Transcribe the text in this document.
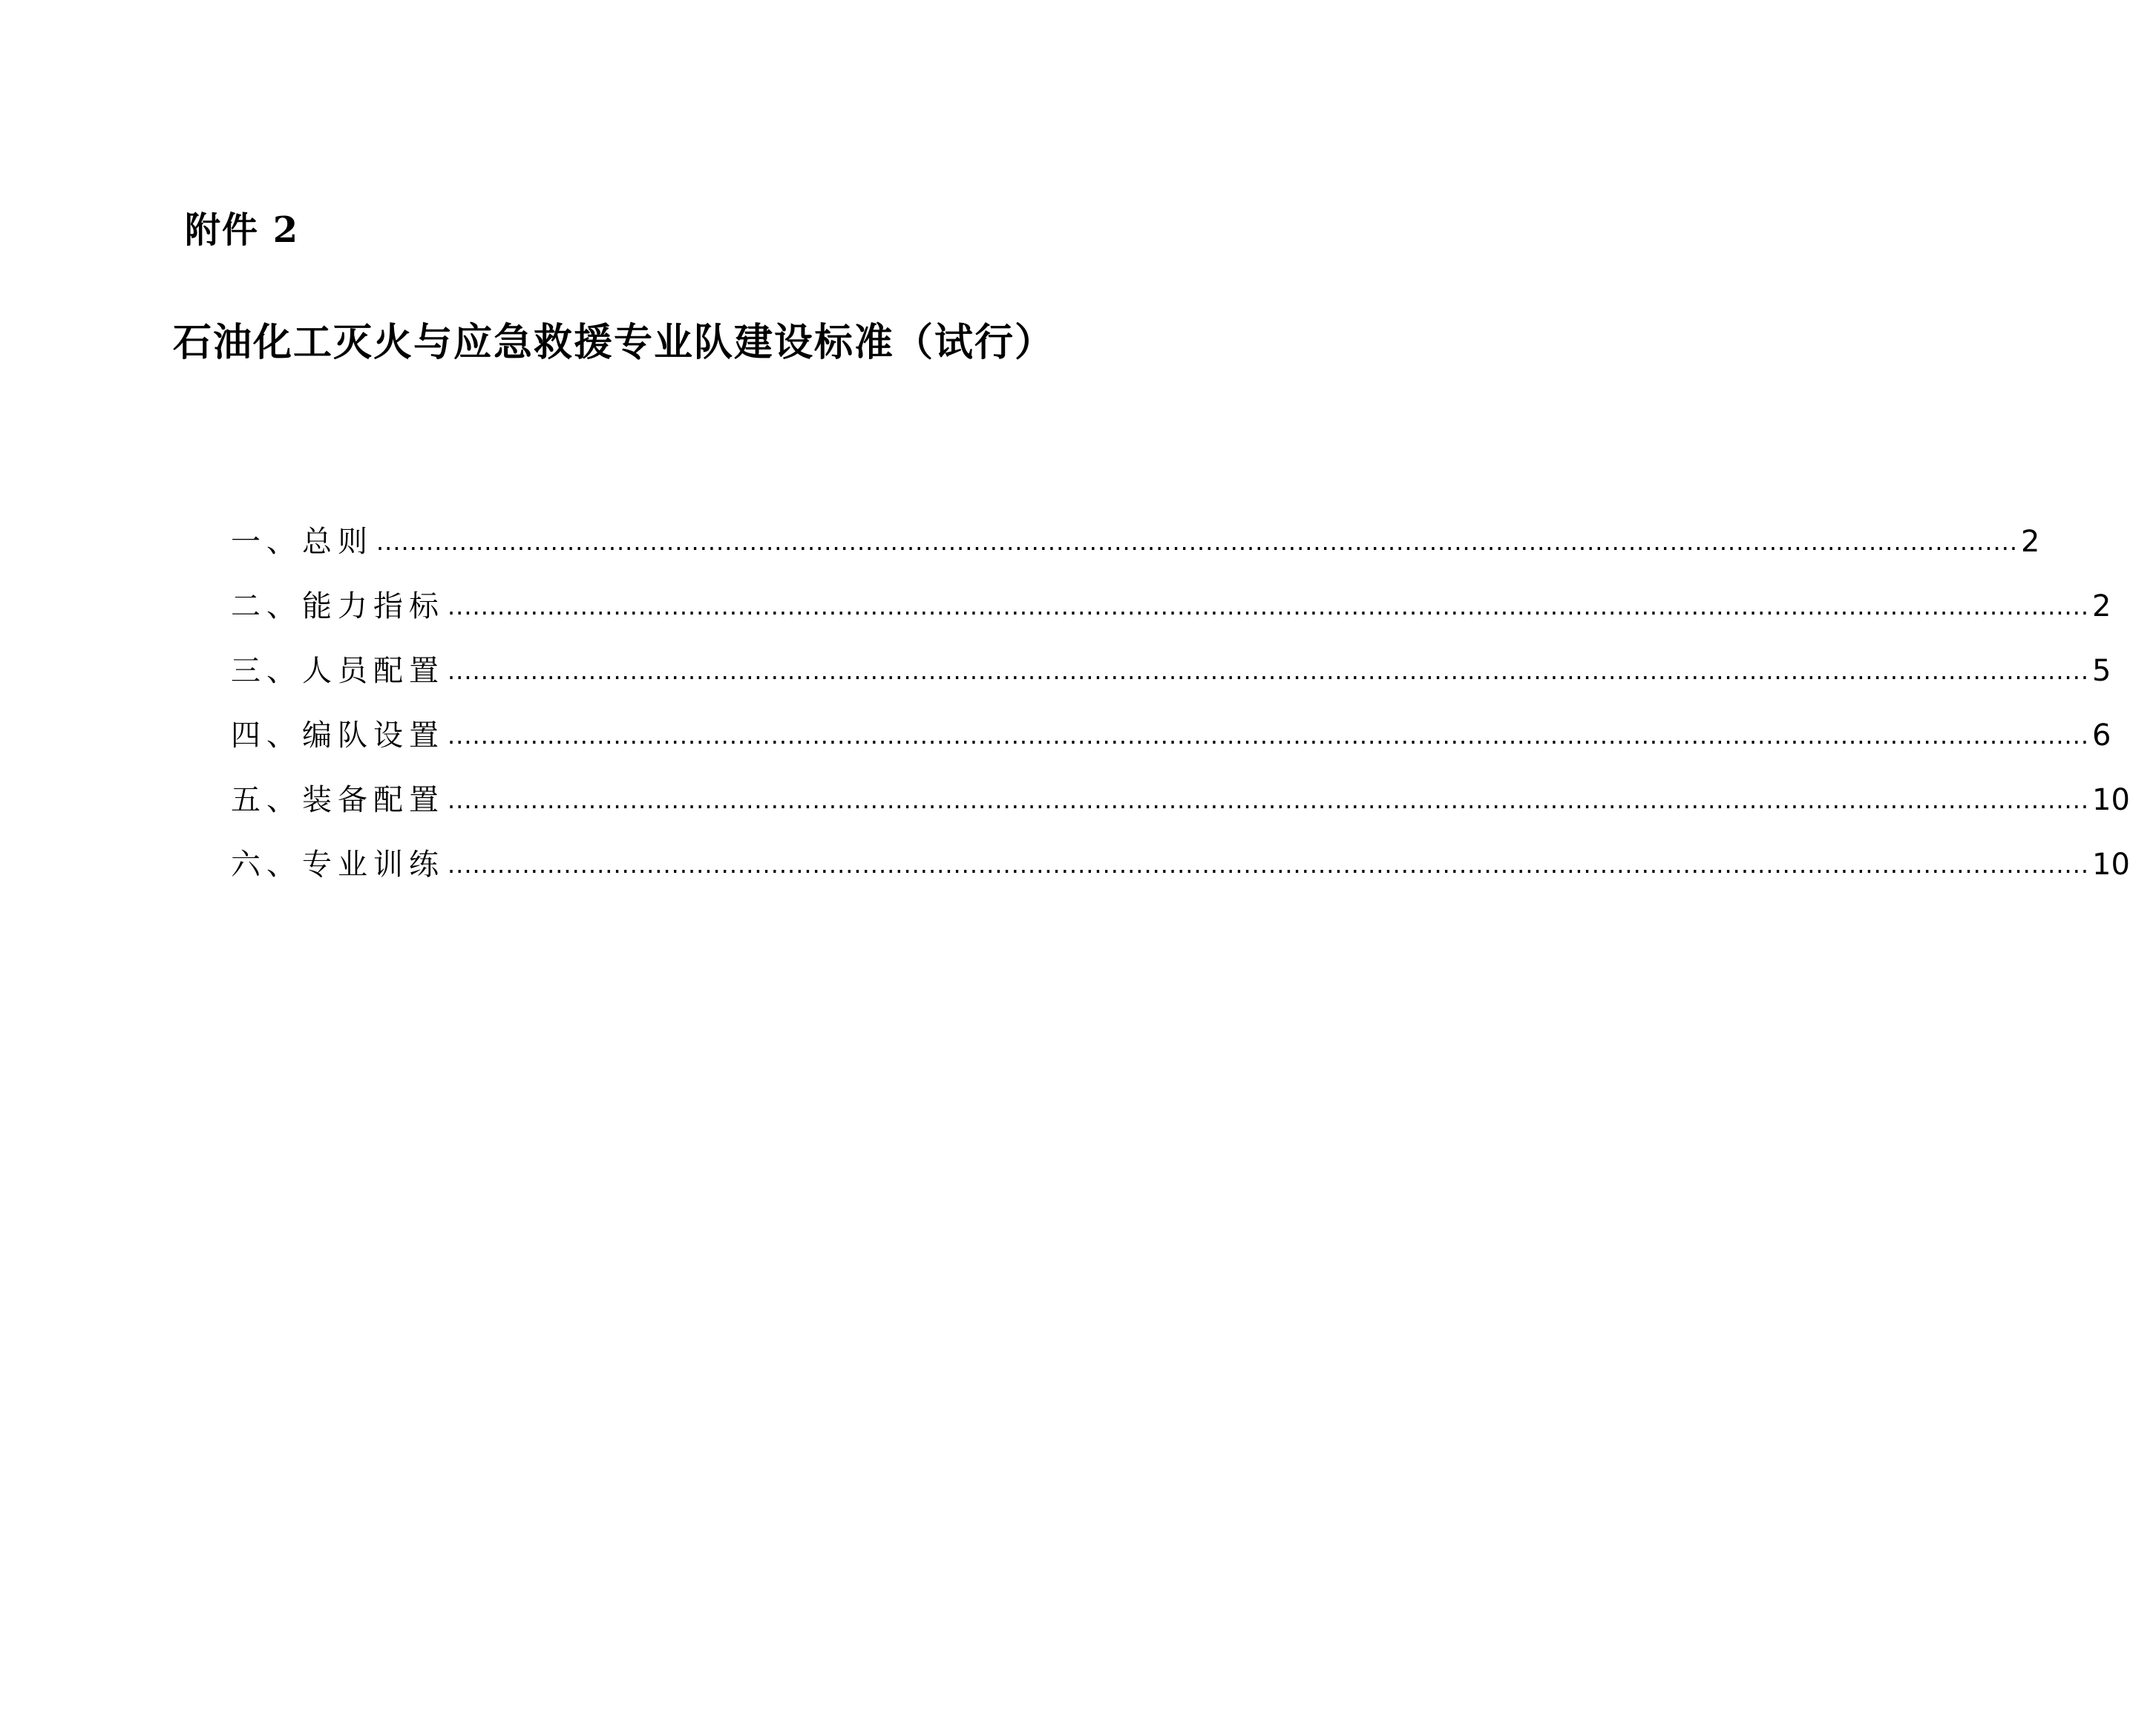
附件 2
石油化工灭火与应急救援专业队建设标准（试行）
一、总则 ...................................................................................................................................................................................................... 2
二、能力指标 ...................................................................................................................................................................................................... 2
三、人员配置 ...................................................................................................................................................................................................... 5
四、编队设置 ...................................................................................................................................................................................................... 6
五、装备配置 ...................................................................................................................................................................................................... 10
六、专业训练 ...................................................................................................................................................................................................... 10
